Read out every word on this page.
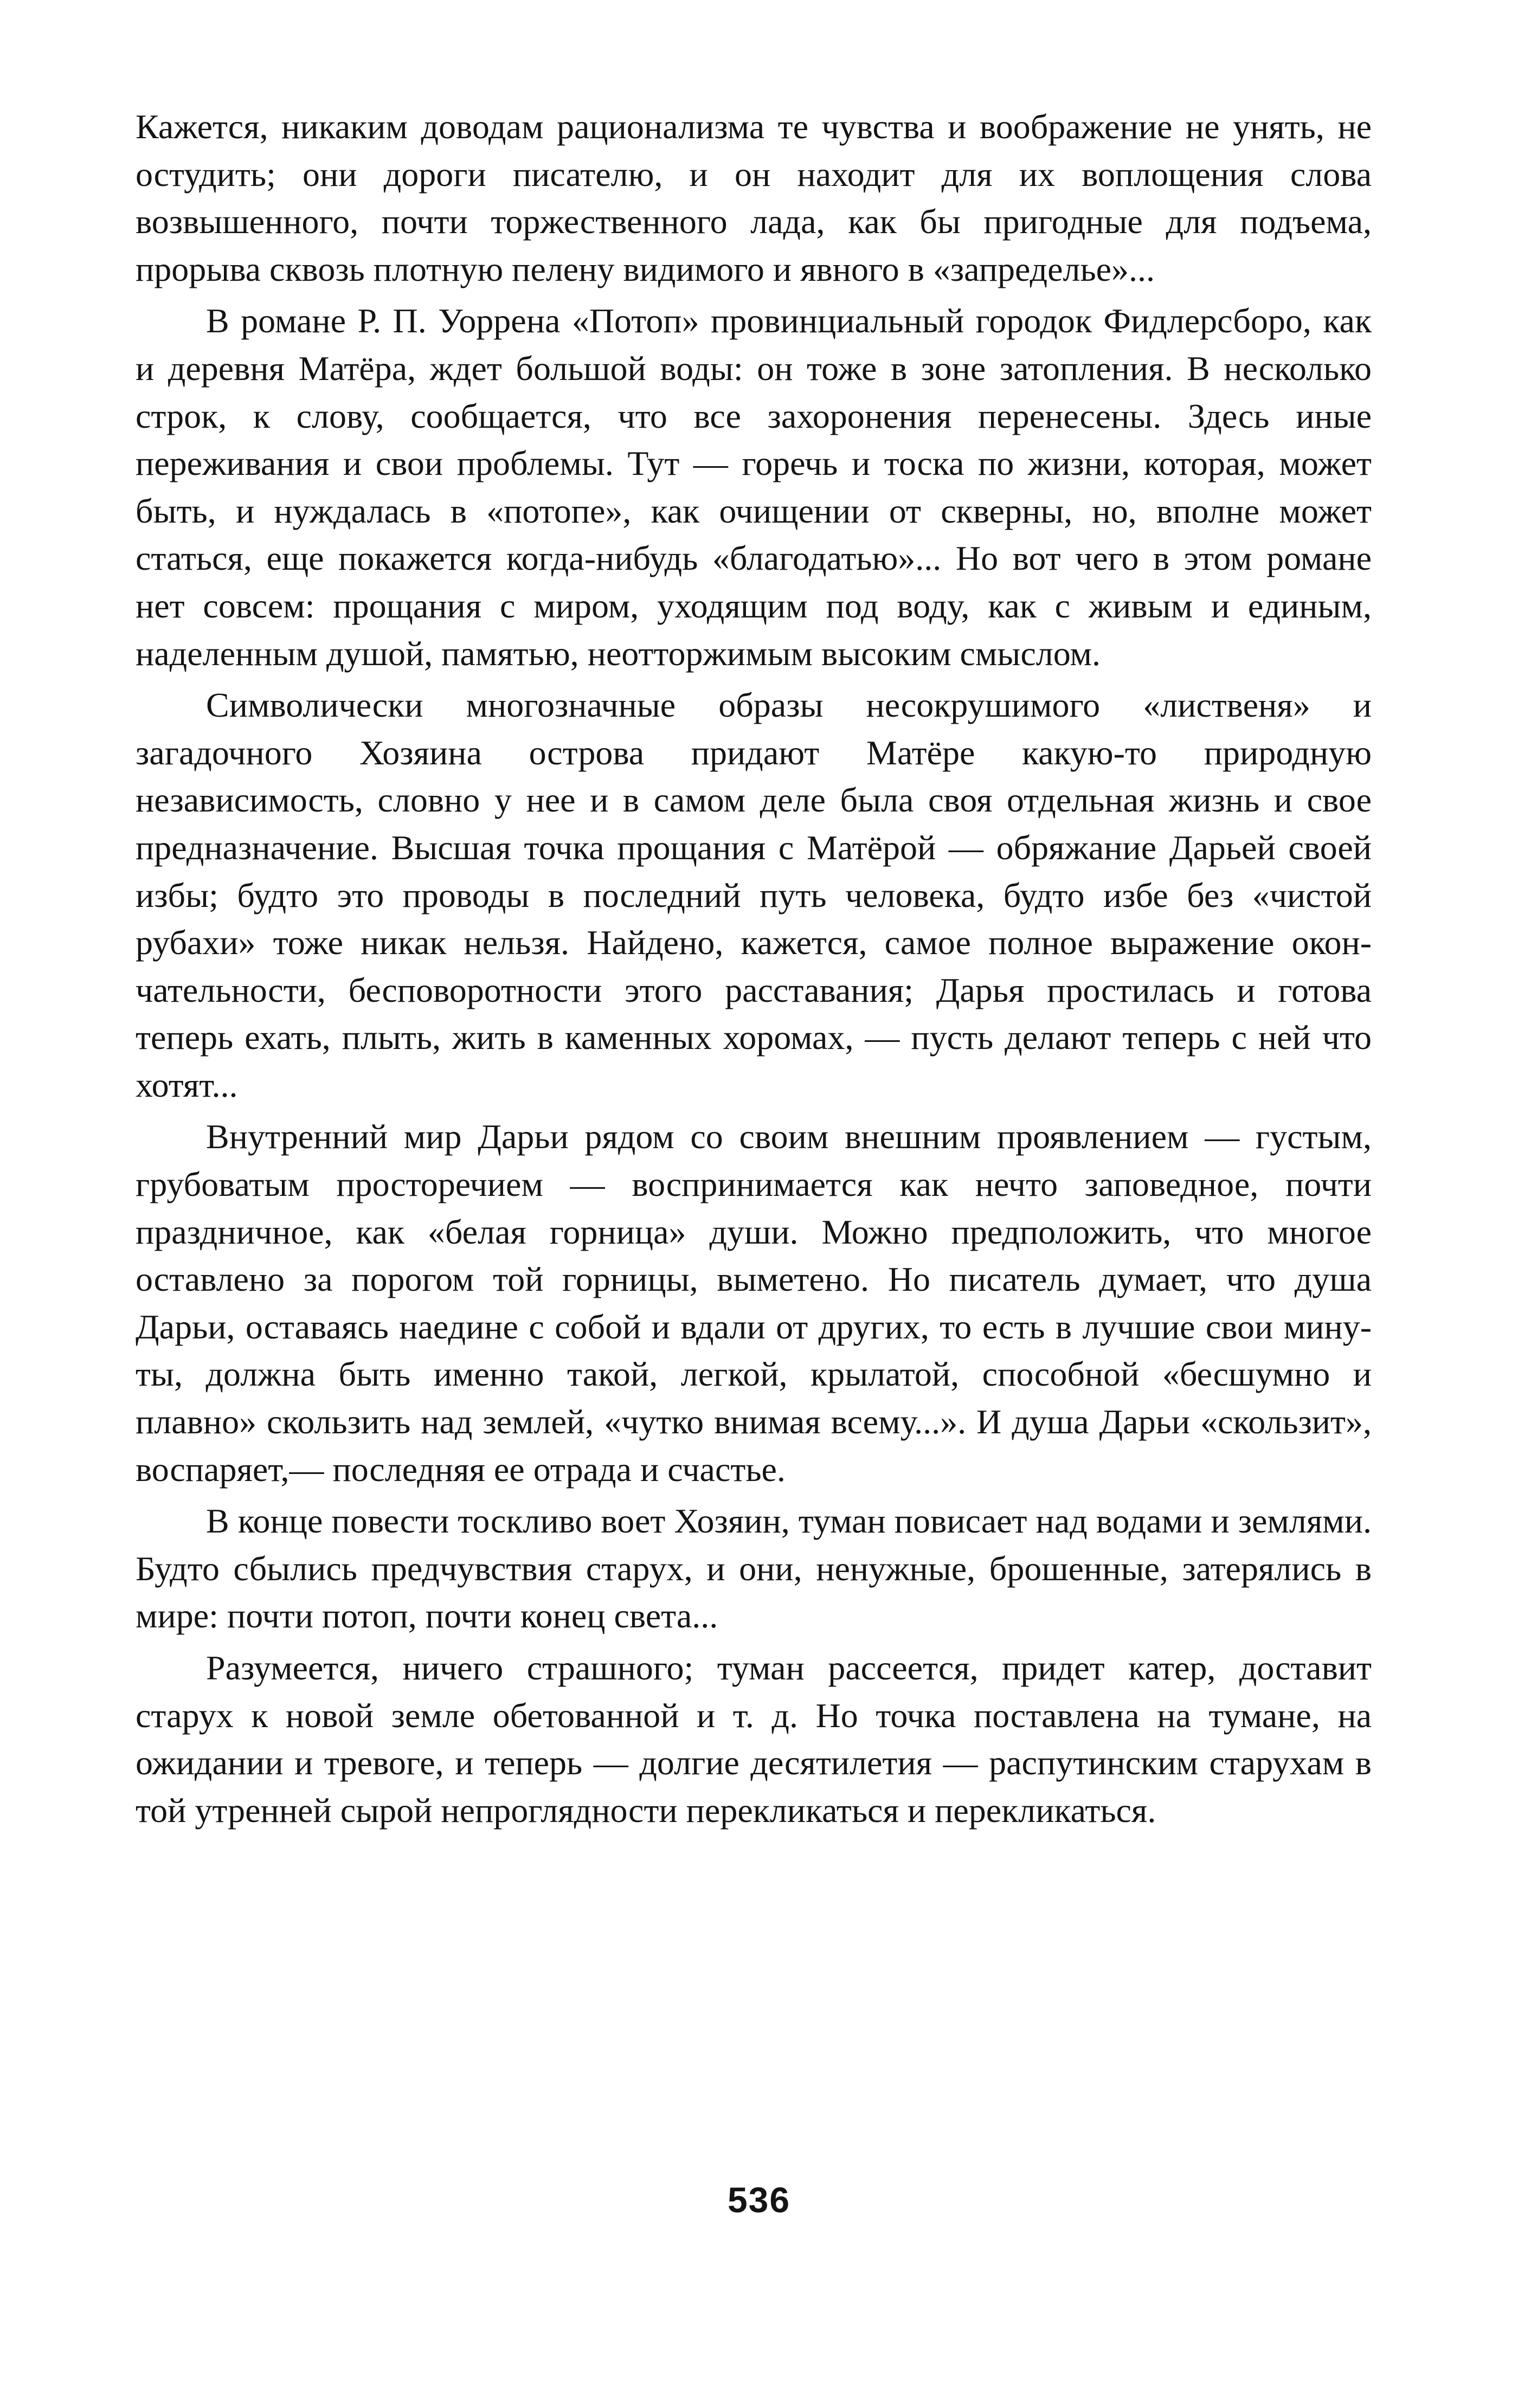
Кажется, никаким доводам рационализма те чувства и воображение не унять, не остудить; они дороги писателю, и он находит для их воплощения слова возвышенного, почти торжественного лада, как бы пригодные для подъема, прорыва сквозь плотную пелену видимого и явного в «запределье»...

В романе Р. П. Уоррена «Потоп» провинциальный городок Фидлерсборо, как и деревня Матёра, ждет большой воды: он тоже в зоне затопления. В несколько строк, к слову, сообщается, что все захоронения перенесены. Здесь иные переживания и свои проблемы. Тут — горечь и тоска по жизни, которая, может быть, и нуждалась в «потопе», как очищении от скверны, но, вполне может статься, еще покажется когда-нибудь «благодатью»... Но вот чего в этом романе нет совсем: прощания с миром, уходящим под воду, как с живым и единым, наделенным душой, памятью, неотторжимым высоким смыслом.

Символически многозначные образы несокрушимого «лиственя» и загадочного Хозяина острова придают Матёре какую-то природную независимость, словно у нее и в самом деле была своя отдельная жизнь и свое предназначение. Высшая точка прощания с Матёрой — обряжание Дарьей своей избы; будто это проводы в последний путь человека, будто избе без «чистой рубахи» тоже никак нельзя. Найдено, кажется, самое полное выражение окончательности, бесповоротности этого расставания; Дарья простилась и готова теперь ехать, плыть, жить в каменных хоромах, — пусть делают теперь с ней что хотят...

Внутренний мир Дарьи рядом со своим внешним проявлением — густым, грубоватым просторечием — воспринимается как нечто заповедное, почти праздничное, как «белая горница» души. Можно предположить, что многое оставлено за порогом той горницы, выметено. Но писатель думает, что душа Дарьи, оставаясь наедине с собой и вдали от других, то есть в лучшие свои минуты, должна быть именно такой, легкой, крылатой, способной «бесшумно и плавно» скользить над землей, «чутко внимая всему...». И душа Дарьи «скользит», воспаряет,— последняя ее отрада и счастье.

В конце повести тоскливо воет Хозяин, туман повисает над водами и землями. Будто сбылись предчувствия старух, и они, ненужные, брошенные, затерялись в мире: почти потоп, почти конец света...

Разумеется, ничего страшного; туман рассеется, придет катер, доставит старух к новой земле обетованной и т. д. Но точка поставлена на тумане, на ожидании и тревоге, и теперь — долгие десятилетия — распутинским старухам в той утренней сырой непроглядности перекликаться и перекликаться.

536
